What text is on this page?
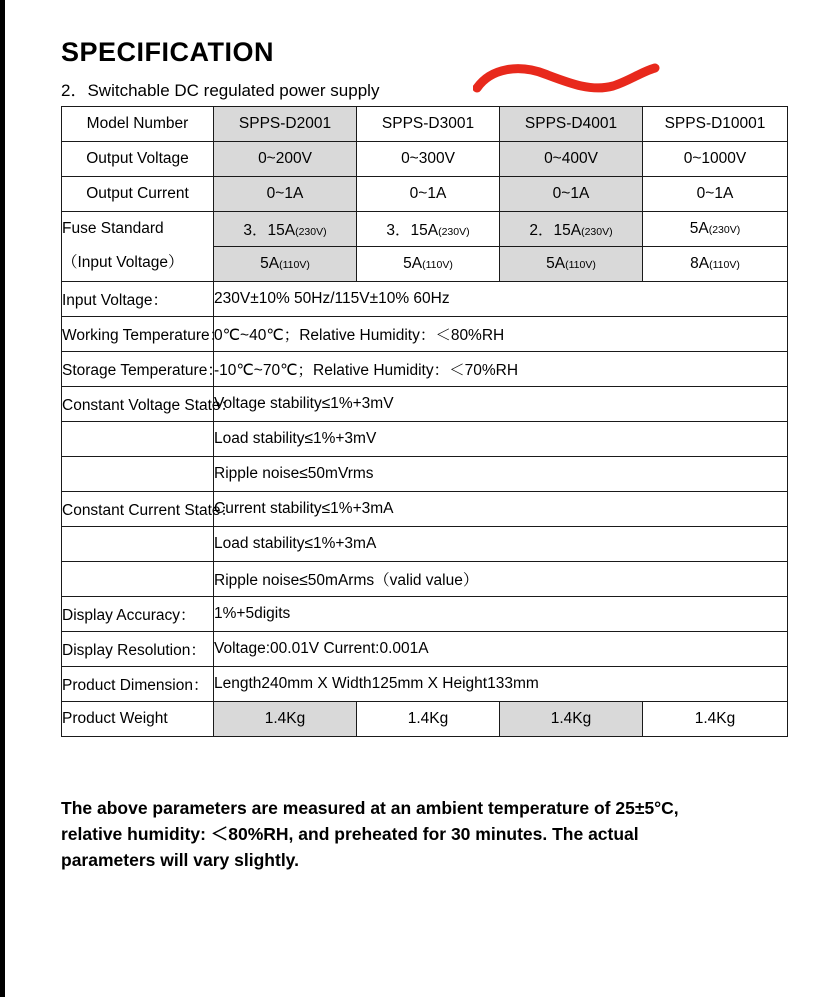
SPECIFICATION
2．Switchable DC regulated power supply
Model Number	SPPS-D2001	SPPS-D3001	SPPS-D4001	SPPS-D10001
Output Voltage	0~200V	0~300V	0~400V	0~1000V
Output Current	0~1A	0~1A	0~1A	0~1A
Fuse Standard	3．15A(230V)	3．15A(230V)	2．15A(230V)	5A(230V)
（Input Voltage）	5A(110V)	5A(110V)	5A(110V)	8A(110V)
Input Voltage：	230V±10% 50Hz/115V±10% 60Hz			
Working Temperature：	0℃~40℃；Relative Humidity：＜80%RH			
Storage Temperature：	-10℃~70℃；Relative Humidity：＜70%RH			
Constant Voltage State：	Voltage stability≤1%+3mV			
	Load stability≤1%+3mV			
	Ripple noise≤50mVrms			
Constant Current State：	Current stability≤1%+3mA			
	Load stability≤1%+3mA			
	Ripple noise≤50mArms（valid value）			
Display Accuracy：	1%+5digits			
Display Resolution：	Voltage:00.01V Current:0.001A			
Product Dimension：	Length240mm X Width125mm X Height133mm			
Product Weight	1.4Kg	1.4Kg	1.4Kg	1.4Kg
The above parameters are measured at an ambient temperature of 25±5°C, relative humidity: ＜80%RH, and preheated for 30 minutes. The actual parameters will vary slightly.
